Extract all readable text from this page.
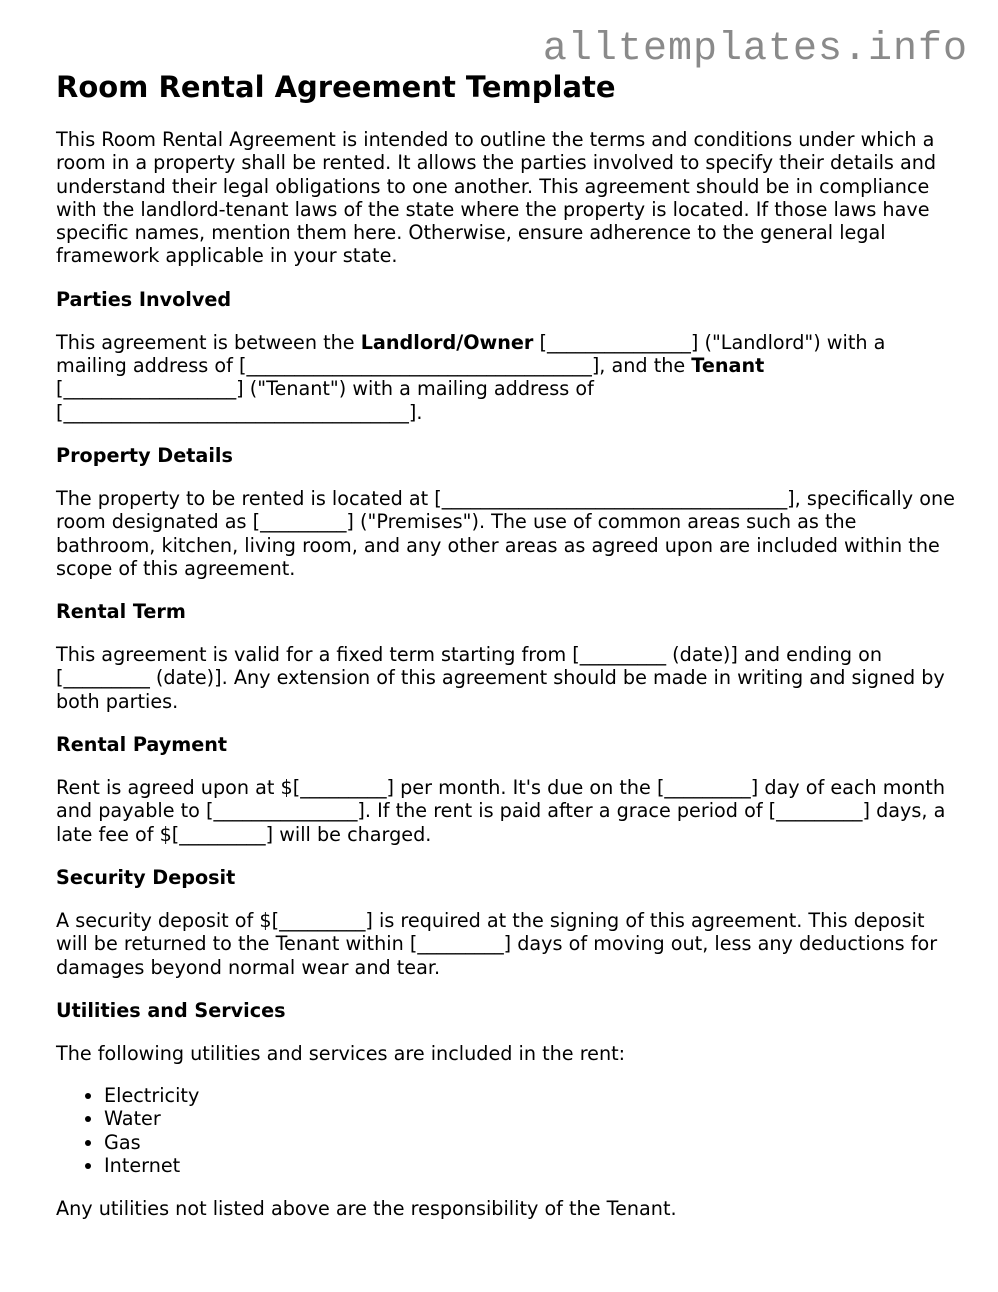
alltemplates.info
Room Rental Agreement Template

This Room Rental Agreement is intended to outline the terms and conditions under which a room in a property shall be rented. It allows the parties involved to specify their details and understand their legal obligations to one another. This agreement should be in compliance with the landlord-tenant laws of the state where the property is located. If those laws have specific names, mention them here. Otherwise, ensure adherence to the general legal framework applicable in your state.

Parties Involved

This agreement is between the Landlord/Owner [_______________] ("Landlord") with a mailing address of [____________________________________], and the Tenant [__________________] ("Tenant") with a mailing address of [____________________________________].

Property Details

The property to be rented is located at [____________________________________], specifically one room designated as [_________] ("Premises"). The use of common areas such as the bathroom, kitchen, living room, and any other areas as agreed upon are included within the scope of this agreement.

Rental Term

This agreement is valid for a fixed term starting from [_________ (date)] and ending on [_________ (date)]. Any extension of this agreement should be made in writing and signed by both parties.

Rental Payment

Rent is agreed upon at $[_________] per month. It's due on the [_________] day of each month and payable to [_______________]. If the rent is paid after a grace period of [_________] days, a late fee of $[_________] will be charged.

Security Deposit

A security deposit of $[_________] is required at the signing of this agreement. This deposit will be returned to the Tenant within [_________] days of moving out, less any deductions for damages beyond normal wear and tear.

Utilities and Services

The following utilities and services are included in the rent:

• Electricity
• Water
• Gas
• Internet

Any utilities not listed above are the responsibility of the Tenant.
